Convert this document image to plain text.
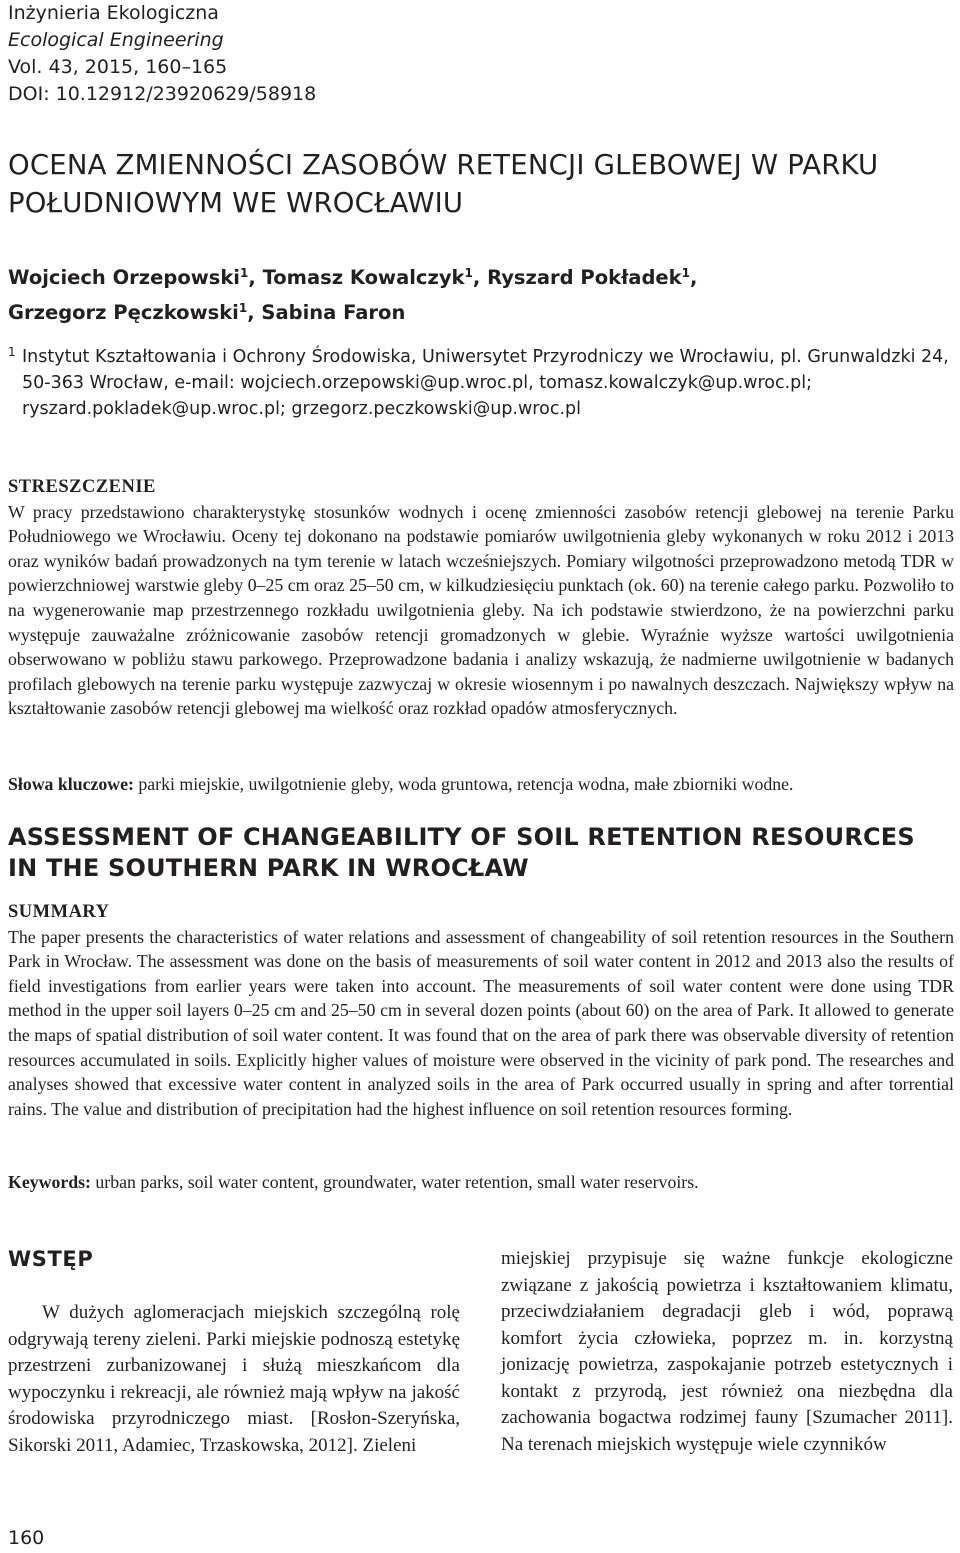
Inżynieria Ekologiczna
Ecological Engineering
Vol. 43, 2015, 160–165
DOI: 10.12912/23920629/58918
OCENA ZMIENNOŚCI ZASOBÓW RETENCJI GLEBOWEJ W PARKU POŁUDNIOWYM WE WROCŁAWIU
Wojciech Orzepowski$^1$, Tomasz Kowalczyk$^1$, Ryszard Pokładek$^1$,
Grzegorz Pęczkowski$^1$, Sabina Faron
1 Instytut Kształtowania i Ochrony Środowiska, Uniwersytet Przyrodniczy we Wrocławiu, pl. Grunwaldzki 24, 50-363 Wrocław, e-mail: wojciech.orzepowski@up.wroc.pl, tomasz.kowalczyk@up.wroc.pl; ryszard.pokladek@up.wroc.pl; grzegorz.peczkowski@up.wroc.pl
STRESZCZENIE
W pracy przedstawiono charakterystykę stosunków wodnych i ocenę zmienności zasobów retencji glebowej na terenie Parku Południowego we Wrocławiu. Oceny tej dokonano na podstawie pomiarów uwilgotnienia gleby wykonanych w roku 2012 i 2013 oraz wyników badań prowadzonych na tym terenie w latach wcześniejszych. Pomiary wilgotności przeprowadzono metodą TDR w powierzchniowej warstwie gleby 0–25 cm oraz 25–50 cm, w kilkudziesięciu punktach (ok. 60) na terenie całego parku. Pozwoliło to na wygenerowanie map przestrzennego rozkładu uwilgotnienia gleby. Na ich podstawie stwierdzono, że na powierzchni parku występuje zauważalne zróżnicowanie zasobów retencji gromadzonych w glebie. Wyraźnie wyższe wartości uwilgotnienia obserwowano w pobliżu stawu parkowego. Przeprowadzone badania i analizy wskazują, że nadmierne uwilgotnienie w badanych profilach glebowych na terenie parku występuje zazwyczaj w okresie wiosennym i po nawalnych deszczach. Największy wpływ na kształtowanie zasobów retencji glebowej ma wielkość oraz rozkład opadów atmosferycznych.
Słowa kluczowe: parki miejskie, uwilgotnienie gleby, woda gruntowa, retencja wodna, małe zbiorniki wodne.
ASSESSMENT OF CHANGEABILITY OF SOIL RETENTION RESOURCES IN THE SOUTHERN PARK IN WROCŁAW
SUMMARY
The paper presents the characteristics of water relations and assessment of changeability of soil retention resources in the Southern Park in Wrocław. The assessment was done on the basis of measurements of soil water content in 2012 and 2013 also the results of field investigations from earlier years were taken into account. The measurements of soil water content were done using TDR method in the upper soil layers 0–25 cm and 25–50 cm in several dozen points (about 60) on the area of Park. It allowed to generate the maps of spatial distribution of soil water content. It was found that on the area of park there was observable diversity of retention resources accumulated in soils. Explicitly higher values of moisture were observed in the vicinity of park pond. The researches and analyses showed that excessive water content in analyzed soils in the area of Park occurred usually in spring and after torrential rains. The value and distribution of precipitation had the highest influence on soil retention resources forming.
Keywords: urban parks, soil water content, groundwater, water retention, small water reservoirs.
WSTĘP
W dużych aglomeracjach miejskich szczególną rolę odgrywają tereny zieleni. Parki miejskie podnoszą estetykę przestrzeni zurbanizowanej i służą mieszkańcom dla wypoczynku i rekreacji, ale również mają wpływ na jakość środowiska przyrodniczego miast. [Rosłon-Szeryńska, Sikorski 2011, Adamiec, Trzaskowska, 2012]. Zieleni
miejskiej przypisuje się ważne funkcje ekologiczne związane z jakością powietrza i kształtowaniem klimatu, przeciwdziałaniem degradacji gleb i wód, poprawą komfort życia człowieka, poprzez m. in. korzystną jonizację powietrza, zaspokajanie potrzeb estetycznych i kontakt z przyrodą, jest również ona niezbędna dla zachowania bogactwa rodzimej fauny [Szumacher 2011]. Na terenach miejskich występuje wiele czynników
160
